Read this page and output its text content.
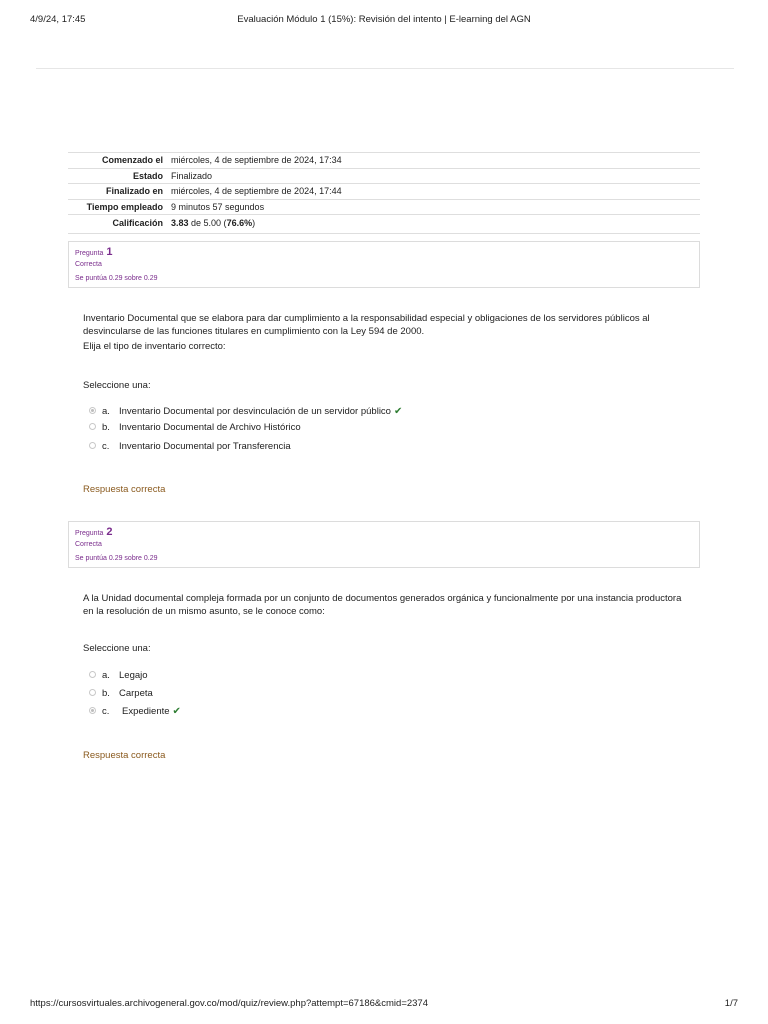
4/9/24, 17:45	Evaluación Módulo 1 (15%): Revisión del intento | E-learning del AGN
Comenzado el	miércoles, 4 de septiembre de 2024, 17:34
Estado	Finalizado
Finalizado en	miércoles, 4 de septiembre de 2024, 17:44
Tiempo empleado	9 minutos 57 segundos
Calificación	3.83 de 5.00 (76.6%)
Pregunta 1
Correcta
Se puntúa 0.29 sobre 0.29
Inventario Documental que se elabora para dar cumplimiento a la responsabilidad especial y obligaciones de los servidores públicos al desvincularse de las funciones titulares en cumplimiento con la Ley 594 de 2000.
Elija el tipo de inventario correcto:
Seleccione una:
a. Inventario Documental por desvinculación de un servidor público ✔
b. Inventario Documental de Archivo Histórico
c. Inventario Documental por Transferencia
Respuesta correcta
Pregunta 2
Correcta
Se puntúa 0.29 sobre 0.29
A la Unidad documental compleja formada por un conjunto de documentos generados orgánica y funcionalmente por una instancia productora en la resolución de un mismo asunto, se le conoce como:
Seleccione una:
a. Legajo
b. Carpeta
c. Expediente ✔
Respuesta correcta
https://cursosvirtuales.archivogeneral.gov.co/mod/quiz/review.php?attempt=67186&cmid=2374	1/7
